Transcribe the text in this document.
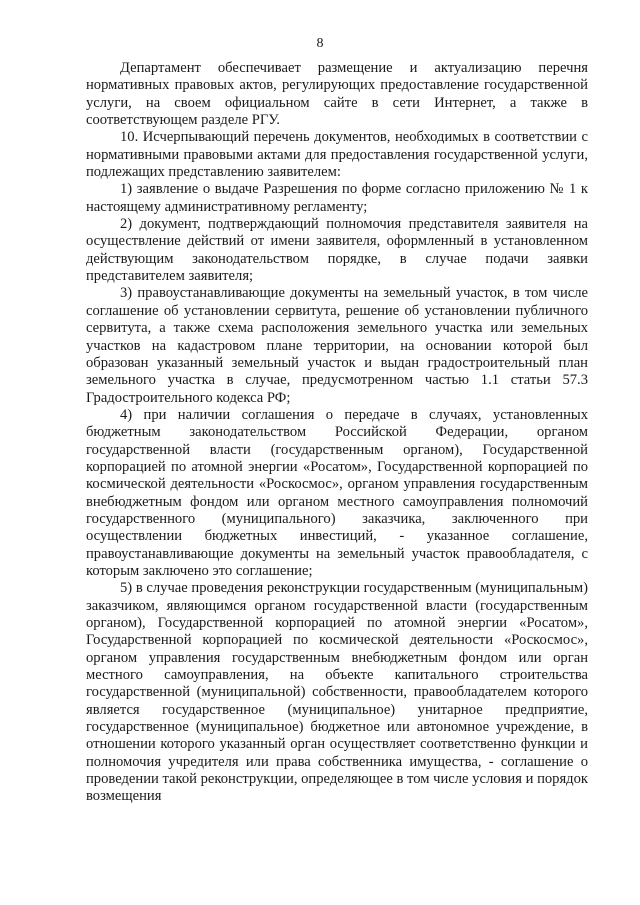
8

Департамент обеспечивает размещение и актуализацию перечня нормативных правовых актов, регулирующих предоставление государственной услуги, на своем официальном сайте в сети Интернет, а также в соответствующем разделе РГУ.

10. Исчерпывающий перечень документов, необходимых в соответствии с нормативными правовыми актами для предоставления государственной услуги, подлежащих представлению заявителем:

1) заявление о выдаче Разрешения по форме согласно приложению № 1 к настоящему административному регламенту;

2) документ, подтверждающий полномочия представителя заявителя на осуществление действий от имени заявителя, оформленный в установленном действующим законодательством порядке, в случае подачи заявки представителем заявителя;

3) правоустанавливающие документы на земельный участок, в том числе соглашение об установлении сервитута, решение об установлении публичного сервитута, а также схема расположения земельного участка или земельных участков на кадастровом плане территории, на основании которой был образован указанный земельный участок и выдан градостроительный план земельного участка в случае, предусмотренном частью 1.1 статьи 57.3 Градостроительного кодекса РФ;

4) при наличии соглашения о передаче в случаях, установленных бюджетным законодательством Российской Федерации, органом государственной власти (государственным органом), Государственной корпорацией по атомной энергии «Росатом», Государственной корпорацией по космической деятельности «Роскосмос», органом управления государственным внебюджетным фондом или органом местного самоуправления полномочий государственного (муниципального) заказчика, заключенного при осуществлении бюджетных инвестиций, - указанное соглашение, правоустанавливающие документы на земельный участок правообладателя, с которым заключено это соглашение;

5) в случае проведения реконструкции государственным (муниципальным) заказчиком, являющимся органом государственной власти (государственным органом), Государственной корпорацией по атомной энергии «Росатом», Государственной корпорацией по космической деятельности «Роскосмос», органом управления государственным внебюджетным фондом или орган местного самоуправления, на объекте капитального строительства государственной (муниципальной) собственности, правообладателем которого является государственное (муниципальное) унитарное предприятие, государственное (муниципальное) бюджетное или автономное учреждение, в отношении которого указанный орган осуществляет соответственно функции и полномочия учредителя или права собственника имущества, - соглашение о проведении такой реконструкции, определяющее в том числе условия и порядок возмещения
